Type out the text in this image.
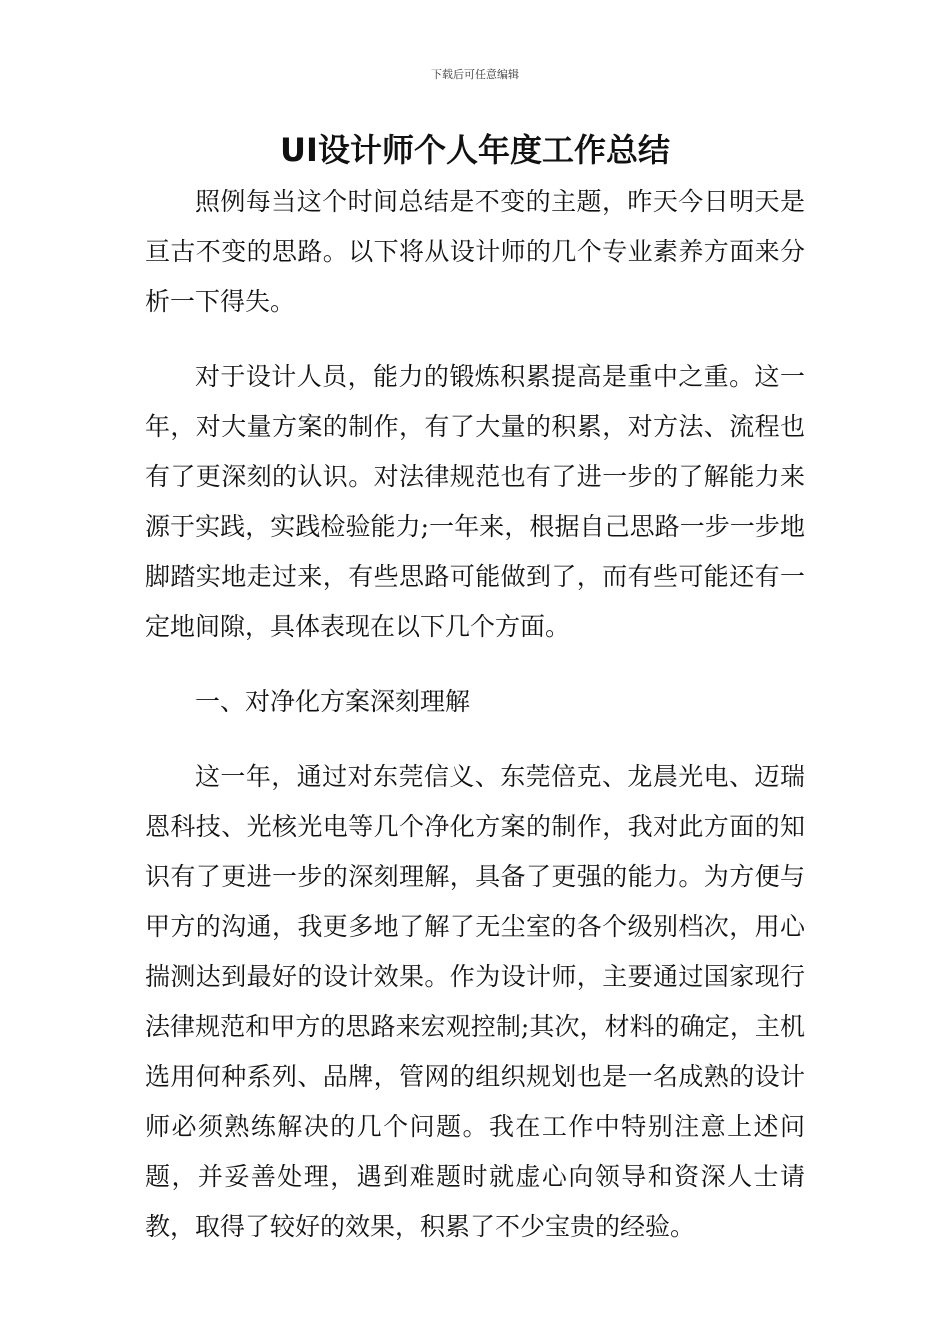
下载后可任意编辑
UI设计师个人年度工作总结

照例每当这个时间总结是不变的主题，昨天今日明天是亘古不变的思路。以下将从设计师的几个专业素养方面来分析一下得失。

对于设计人员，能力的锻炼积累提高是重中之重。这一年，对大量方案的制作，有了大量的积累，对方法、流程也有了更深刻的认识。对法律规范也有了进一步的了解能力来源于实践，实践检验能力;一年来，根据自己思路一步一步地脚踏实地走过来，有些思路可能做到了，而有些可能还有一定地间隙，具体表现在以下几个方面。

一、对净化方案深刻理解

这一年，通过对东莞信义、东莞倍克、龙晨光电、迈瑞恩科技、光核光电等几个净化方案的制作，我对此方面的知识有了更进一步的深刻理解，具备了更强的能力。为方便与甲方的沟通，我更多地了解了无尘室的各个级别档次，用心揣测达到最好的设计效果。作为设计师，主要通过国家现行法律规范和甲方的思路来宏观控制;其次，材料的确定，主机选用何种系列、品牌，管网的组织规划也是一名成熟的设计师必须熟练解决的几个问题。我在工作中特别注意上述问题，并妥善处理，遇到难题时就虚心向领导和资深人士请教，取得了较好的效果，积累了不少宝贵的经验。
